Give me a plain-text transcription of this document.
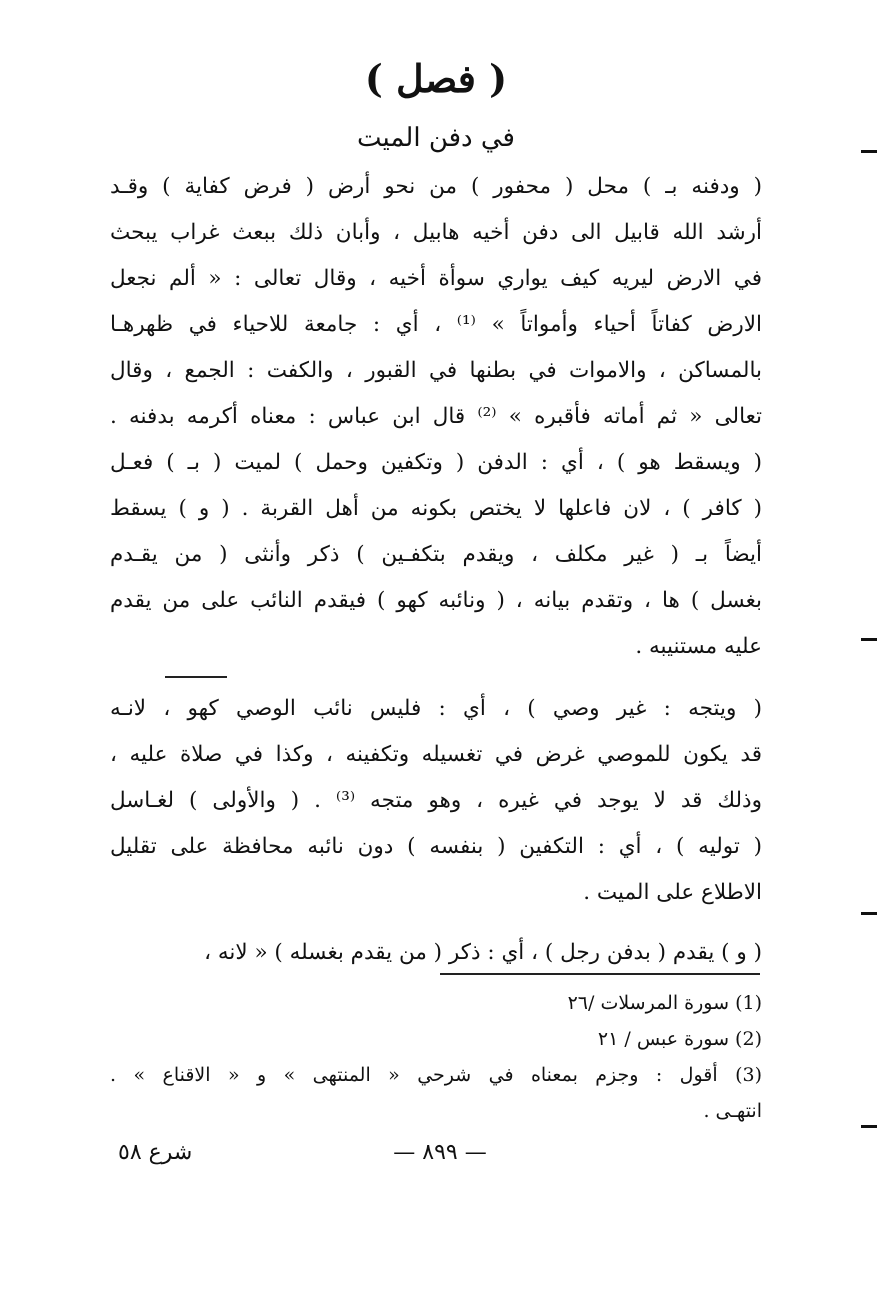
( فصل )
في دفن الميت
( ودفنه بـ ) محل ( محفور ) من نحو أرض ( فرض كفاية ) وقـد
أرشد الله قابيل الى دفن أخيه هابيل ، وأبان ذلك ببعث غراب يبحث
في الارض ليريه كيف يواري سوأة أخيه ، وقال تعالى : « ألم نجعل
الارض كفاتاً أحياء وأمواتاً » ⁽¹⁾ ، أي : جامعة للاحياء في ظهرهـا
بالمساكن ، والاموات في بطنها في القبور ، والكفت : الجمع ، وقال
تعالى « ثم أماته فأقبره » ⁽²⁾ قال ابن عباس : معناه أكرمه بدفنه .
( ويسقط هو ) ، أي : الدفن ( وتكفين وحمل ) لميت ( بـ ) فعـل
( كافر ) ، لان فاعلها لا يختص بكونه من أهل القربة . ( و ) يسقط
أيضاً بـ ( غير مكلف ، ويقدم بتكفـين ) ذكر وأنثى ( من يقـدم
بغسل ) ها ، وتقدم بيانه ، ( ونائبه كهو ) فيقدم النائب على من يقدم
عليه مستنيبه .
( ويتجه : غير وصي ) ، أي : فليس نائب الوصي كهو ، لانـه
قد يكون للموصي غرض في تغسيله وتكفينه ، وكذا في صلاة عليه ،
وذلك قد لا يوجد في غيره ، وهو متجه ⁽³⁾ . ( والأولى ) لغـاسل
( توليه ) ، أي : التكفين ( بنفسه ) دون نائبه محافظة على تقليل
الاطلاع على الميت .
( و ) يقدم ( بدفن رجل ) ، أي : ذكر ( من يقدم بغسله ) « لانه ،
(1) سورة المرسلات /٢٦
(2) سورة عبس / ٢١
(3) أقول : وجزم بمعناه في شرحي « المنتهى » و « الاقناع » .
انتهـى .
— ٨٩٩ —
شرع ٥٨
